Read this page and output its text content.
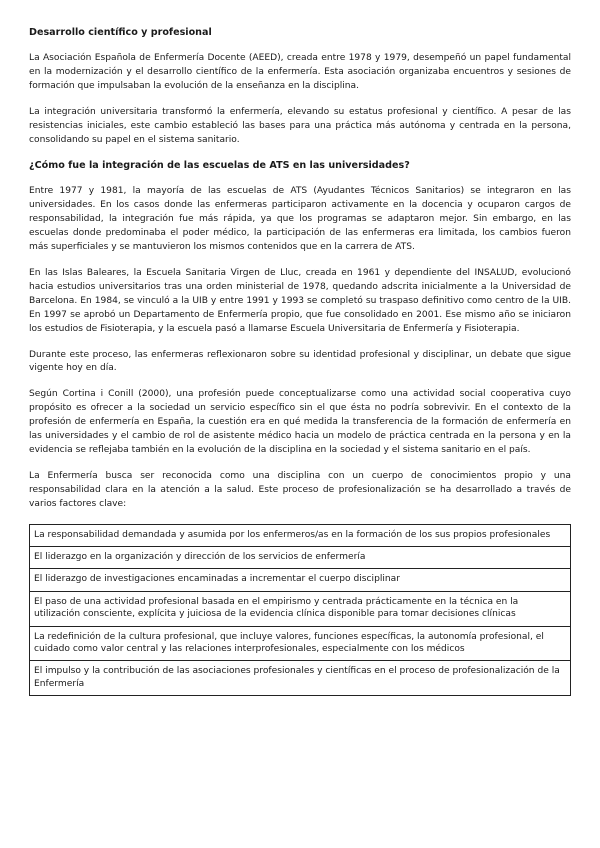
Desarrollo científico y profesional

La Asociación Española de Enfermería Docente (AEED), creada entre 1978 y 1979, desempeñó un papel fundamental en la modernización y el desarrollo científico de la enfermería. Esta asociación organizaba encuentros y sesiones de formación que impulsaban la evolución de la enseñanza en la disciplina.

La integración universitaria transformó la enfermería, elevando su estatus profesional y científico. A pesar de las resistencias iniciales, este cambio estableció las bases para una práctica más autónoma y centrada en la persona, consolidando su papel en el sistema sanitario.

¿Cómo fue la integración de las escuelas de ATS en las universidades?

Entre 1977 y 1981, la mayoría de las escuelas de ATS (Ayudantes Técnicos Sanitarios) se integraron en las universidades. En los casos donde las enfermeras participaron activamente en la docencia y ocuparon cargos de responsabilidad, la integración fue más rápida, ya que los programas se adaptaron mejor. Sin embargo, en las escuelas donde predominaba el poder médico, la participación de las enfermeras era limitada, los cambios fueron más superficiales y se mantuvieron los mismos contenidos que en la carrera de ATS.

En las Islas Baleares, la Escuela Sanitaria Virgen de Lluc, creada en 1961 y dependiente del INSALUD, evolucionó hacia estudios universitarios tras una orden ministerial de 1978, quedando adscrita inicialmente a la Universidad de Barcelona. En 1984, se vinculó a la UIB y entre 1991 y 1993 se completó su traspaso definitivo como centro de la UIB. En 1997 se aprobó un Departamento de Enfermería propio, que fue consolidado en 2001. Ese mismo año se iniciaron los estudios de Fisioterapia, y la escuela pasó a llamarse Escuela Universitaria de Enfermería y Fisioterapia.

Durante este proceso, las enfermeras reflexionaron sobre su identidad profesional y disciplinar, un debate que sigue vigente hoy en día.

Según Cortina i Conill (2000), una profesión puede conceptualizarse como una actividad social cooperativa cuyo propósito es ofrecer a la sociedad un servicio específico sin el que ésta no podría sobrevivir. En el contexto de la profesión de enfermería en España, la cuestión era en qué medida la transferencia de la formación de enfermería en las universidades y el cambio de rol de asistente médico hacia un modelo de práctica centrada en la persona y en la evidencia se reflejaba también en la evolución de la disciplina en la sociedad y el sistema sanitario en el país.

La Enfermería busca ser reconocida como una disciplina con un cuerpo de conocimientos propio y una responsabilidad clara en la atención a la salud. Este proceso de profesionalización se ha desarrollado a través de varios factores clave:

La responsabilidad demandada y asumida por los enfermeros/as en la formación de los sus propios profesionales
El liderazgo en la organización y dirección de los servicios de enfermería
El liderazgo de investigaciones encaminadas a incrementar el cuerpo disciplinar
El paso de una actividad profesional basada en el empirismo y centrada prácticamente en la técnica en la utilización consciente, explícita y juiciosa de la evidencia clínica disponible para tomar decisiones clínicas
La redefinición de la cultura profesional, que incluye valores, funciones específicas, la autonomía profesional, el cuidado como valor central y las relaciones interprofesionales, especialmente con los médicos
El impulso y la contribución de las asociaciones profesionales y científicas en el proceso de profesionalización de la Enfermería
